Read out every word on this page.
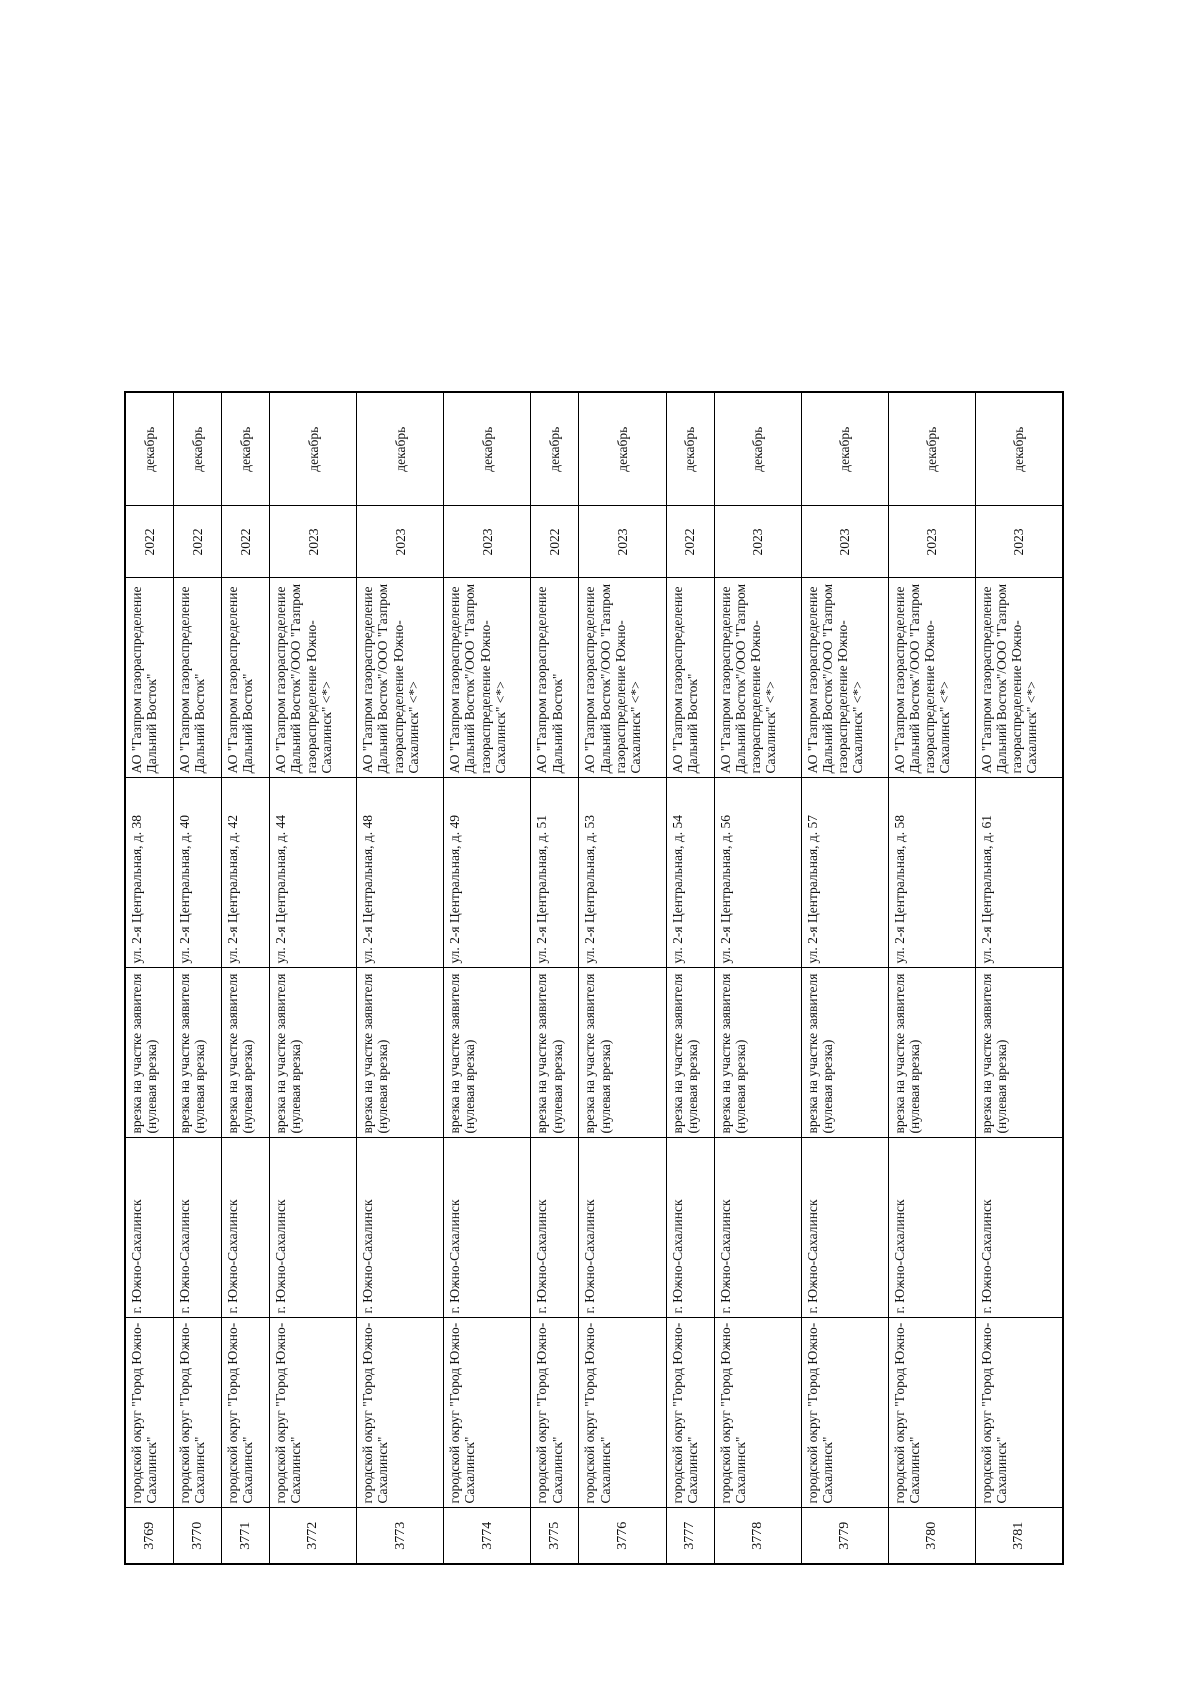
3769	городской округ "Город Южно-Сахалинск"	г. Южно-Сахалинск	врезка на участке заявителя (нулевая врезка)	ул. 2-я Центральная, д. 38	АО "Газпром газораспределение Дальний Восток"	2022	декабрь
3770	городской округ "Город Южно-Сахалинск"	г. Южно-Сахалинск	врезка на участке заявителя (нулевая врезка)	ул. 2-я Центральная, д. 40	АО "Газпром газораспределение Дальний Восток"	2022	декабрь
3771	городской округ "Город Южно-Сахалинск"	г. Южно-Сахалинск	врезка на участке заявителя (нулевая врезка)	ул. 2-я Центральная, д. 42	АО "Газпром газораспределение Дальний Восток"	2022	декабрь
3772	городской округ "Город Южно-Сахалинск"	г. Южно-Сахалинск	врезка на участке заявителя (нулевая врезка)	ул. 2-я Центральная, д. 44	АО "Газпром газораспределение Дальний Восток"/ООО "Газпром газораспределение Южно-Сахалинск" <*>	2023	декабрь
3773	городской округ "Город Южно-Сахалинск"	г. Южно-Сахалинск	врезка на участке заявителя (нулевая врезка)	ул. 2-я Центральная, д. 48	АО "Газпром газораспределение Дальний Восток"/ООО "Газпром газораспределение Южно-Сахалинск" <*>	2023	декабрь
3774	городской округ "Город Южно-Сахалинск"	г. Южно-Сахалинск	врезка на участке заявителя (нулевая врезка)	ул. 2-я Центральная, д. 49	АО "Газпром газораспределение Дальний Восток"/ООО "Газпром газораспределение Южно-Сахалинск" <*>	2023	декабрь
3775	городской округ "Город Южно-Сахалинск"	г. Южно-Сахалинск	врезка на участке заявителя (нулевая врезка)	ул. 2-я Центральная, д. 51	АО "Газпром газораспределение Дальний Восток"	2022	декабрь
3776	городской округ "Город Южно-Сахалинск"	г. Южно-Сахалинск	врезка на участке заявителя (нулевая врезка)	ул. 2-я Центральная, д. 53	АО "Газпром газораспределение Дальний Восток"/ООО "Газпром газораспределение Южно-Сахалинск" <*>	2023	декабрь
3777	городской округ "Город Южно-Сахалинск"	г. Южно-Сахалинск	врезка на участке заявителя (нулевая врезка)	ул. 2-я Центральная, д. 54	АО "Газпром газораспределение Дальний Восток"	2022	декабрь
3778	городской округ "Город Южно-Сахалинск"	г. Южно-Сахалинск	врезка на участке заявителя (нулевая врезка)	ул. 2-я Центральная, д. 56	АО "Газпром газораспределение Дальний Восток"/ООО "Газпром газораспределение Южно-Сахалинск" <*>	2023	декабрь
3779	городской округ "Город Южно-Сахалинск"	г. Южно-Сахалинск	врезка на участке заявителя (нулевая врезка)	ул. 2-я Центральная, д. 57	АО "Газпром газораспределение Дальний Восток"/ООО "Газпром газораспределение Южно-Сахалинск" <*>	2023	декабрь
3780	городской округ "Город Южно-Сахалинск"	г. Южно-Сахалинск	врезка на участке заявителя (нулевая врезка)	ул. 2-я Центральная, д. 58	АО "Газпром газораспределение Дальний Восток"/ООО "Газпром газораспределение Южно-Сахалинск" <*>	2023	декабрь
3781	городской округ "Город Южно-Сахалинск"	г. Южно-Сахалинск	врезка на участке заявителя (нулевая врезка)	ул. 2-я Центральная, д. 61	АО "Газпром газораспределение Дальний Восток"/ООО "Газпром газораспределение Южно-Сахалинск" <*>	2023	декабрь
